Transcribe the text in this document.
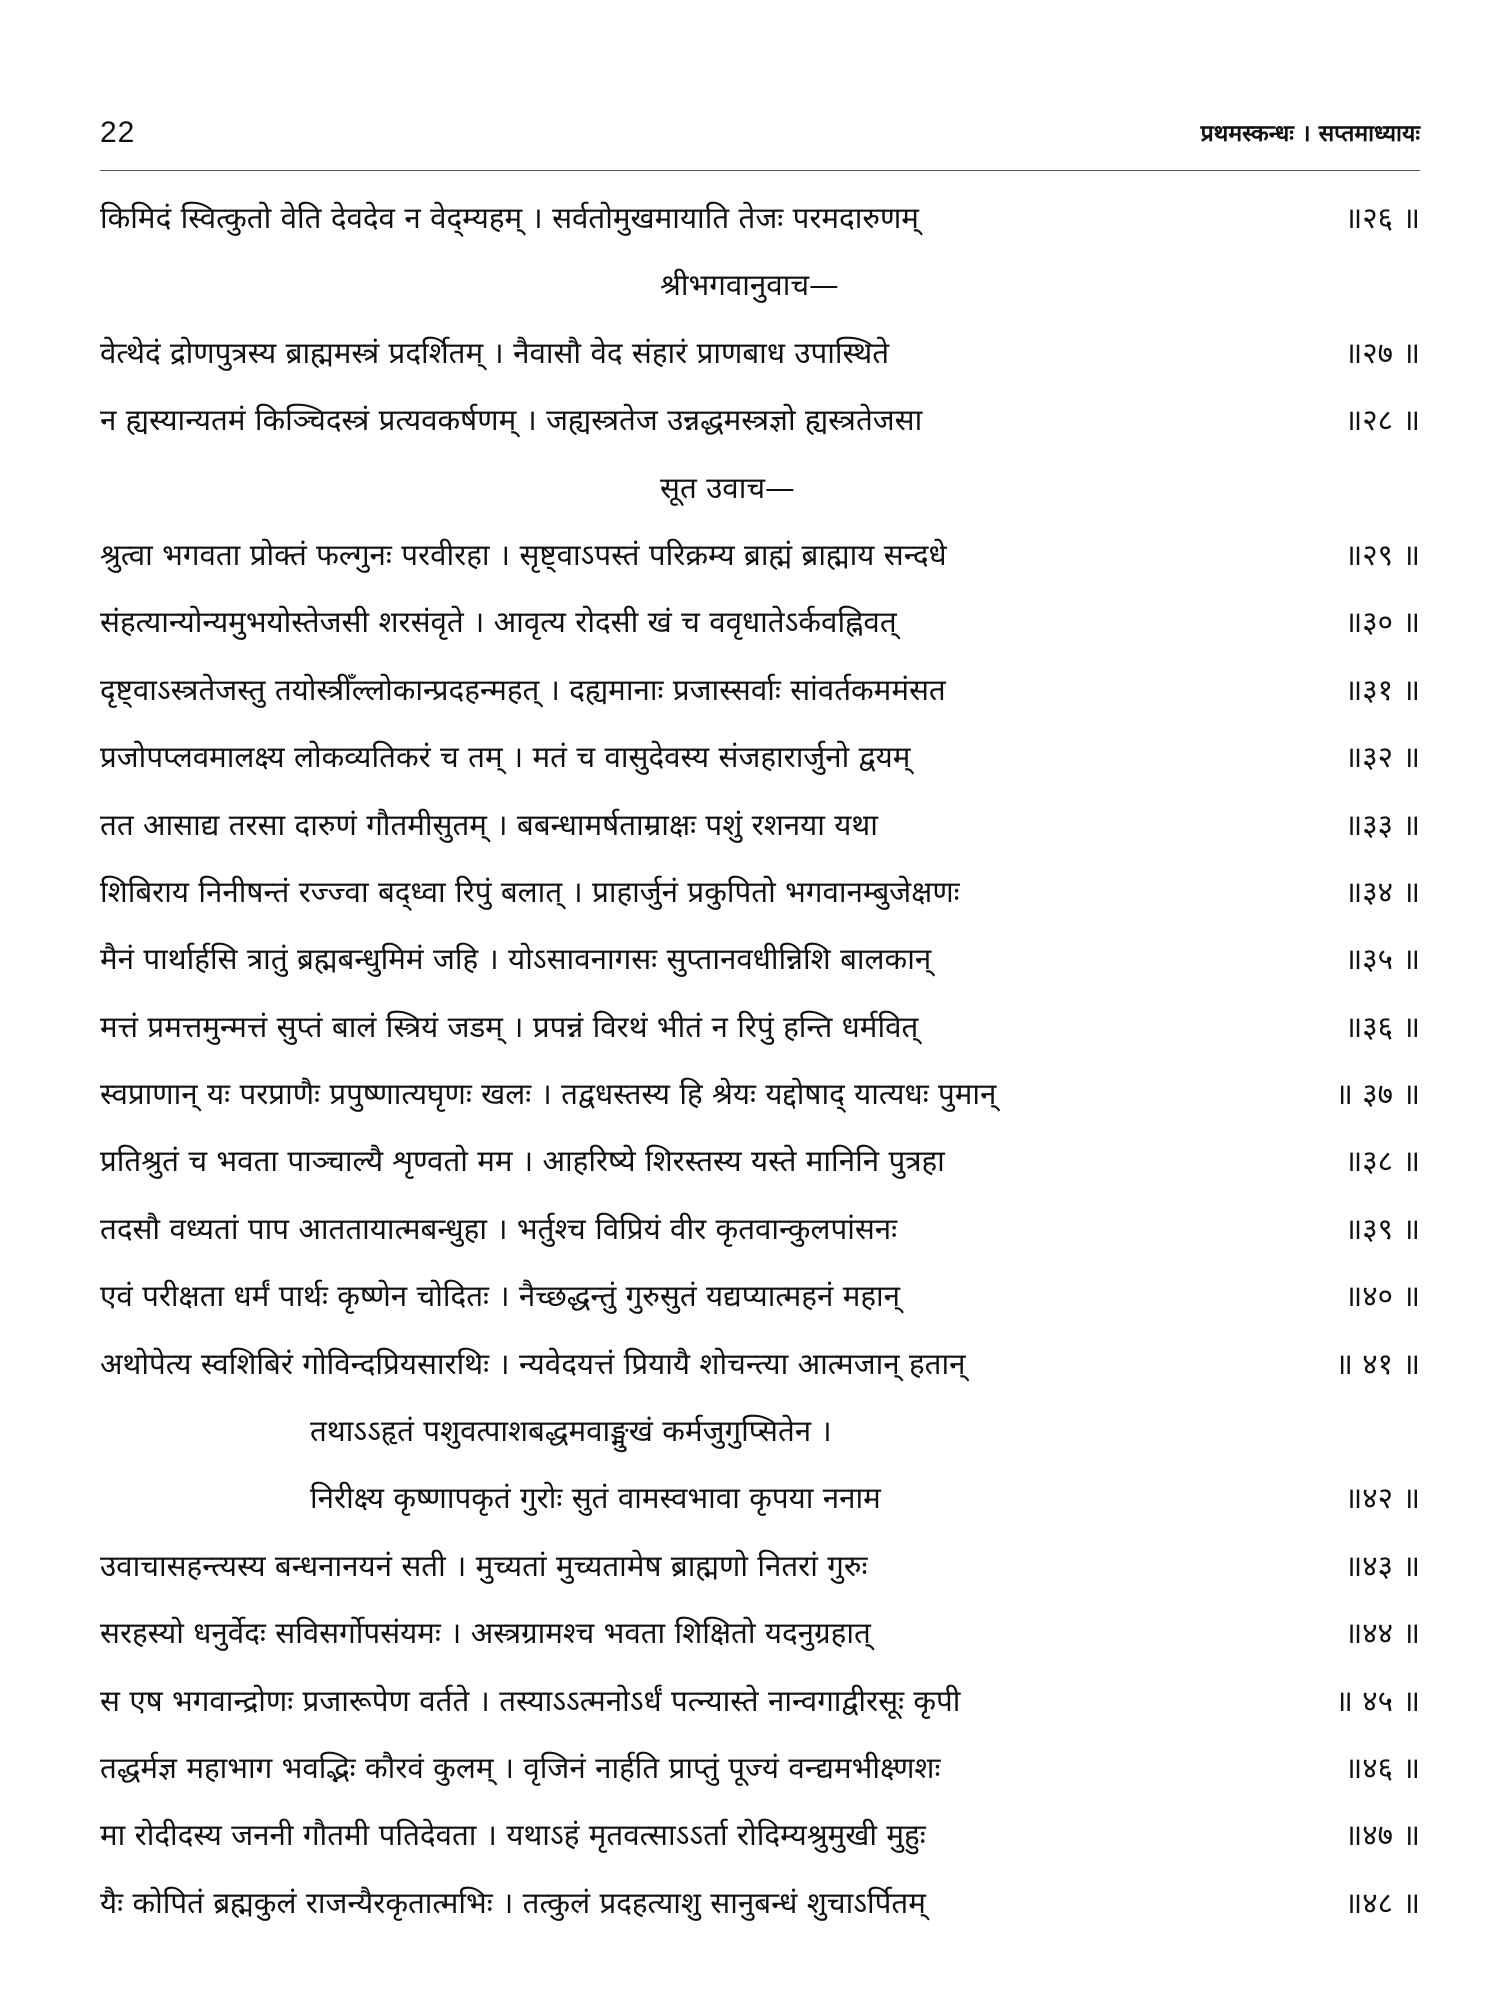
22	प्रथमस्कन्धः । सप्तमाध्यायः
किमिदं स्वित्कुतो वेति देवदेव न वेद्म्यहम् । सर्वतोमुखमायाति तेजः परमदारुणम्	॥२६ ॥
श्रीभगवानुवाच—
वेत्थेदं द्रोणपुत्रस्य ब्राह्ममस्त्रं प्रदर्शितम् । नैवासौ वेद संहारं प्राणबाध उपास्थिते	॥२७ ॥
न ह्यस्यान्यतमं किञ्चिदस्त्रं प्रत्यवकर्षणम् । जह्यस्त्रतेज उन्नद्धमस्त्रज्ञो ह्यस्त्रतेजसा	॥२८ ॥
सूत उवाच—
श्रुत्वा भगवता प्रोक्तं फल्गुनः परवीरहा । सृष्ट्वाऽपस्तं परिक्रम्य ब्राह्मं ब्राह्माय सन्दधे	॥२९ ॥
संहत्यान्योन्यमुभयोस्तेजसी शरसंवृते । आवृत्य रोदसी खं च ववृधातेऽर्कवह्निवत्	॥३० ॥
दृष्ट्वाऽस्त्रतेजस्तु तयोस्त्रीँल्लोकान्प्रदहन्महत् । दह्यमानाः प्रजास्सर्वाः सांवर्तकममंसत	॥३१ ॥
प्रजोपप्लवमालक्ष्य लोकव्यतिकरं च तम् । मतं च वासुदेवस्य संजहारार्जुनो द्वयम्	॥३२ ॥
तत आसाद्य तरसा दारुणं गौतमीसुतम् । बबन्धामर्षताम्राक्षः पशुं रशनया यथा	॥३३ ॥
शिबिराय निनीषन्तं रज्ज्वा बद्ध्वा रिपुं बलात् । प्राहार्जुनं प्रकुपितो भगवानम्बुजेक्षणः	॥३४ ॥
मैनं पार्थार्हसि त्रातुं ब्रह्मबन्धुमिमं जहि । योऽसावनागसः सुप्तानवधीन्निशि बालकान्	॥३५ ॥
मत्तं प्रमत्तमुन्मत्तं सुप्तं बालं स्त्रियं जडम् । प्रपन्नं विरथं भीतं न रिपुं हन्ति धर्मवित्	॥३६ ॥
स्वप्राणान् यः परप्राणैः प्रपुष्णात्यघृणः खलः । तद्वधस्तस्य हि श्रेयः यद्दोषाद् यात्यधः पुमान्	॥ ३७ ॥
प्रतिश्रुतं च भवता पाञ्चाल्यै शृण्वतो मम । आहरिष्ये शिरस्तस्य यस्ते मानिनि पुत्रहा	॥३८ ॥
तदसौ वध्यतां पाप आततायात्मबन्धुहा । भर्तुश्च विप्रियं वीर कृतवान्कुलपांसनः	॥३९ ॥
एवं परीक्षता धर्मं पार्थः कृष्णेन चोदितः । नैच्छद्धन्तुं गुरुसुतं यद्यप्यात्महनं महान्	॥४० ॥
अथोपेत्य स्वशिबिरं गोविन्दप्रियसारथिः । न्यवेदयत्तं प्रियायै शोचन्त्या आत्मजान् हतान्	॥ ४१ ॥
तथाऽऽहृतं पशुवत्पाशबद्धमवाङ्मुखं कर्मजुगुप्सितेन ।
निरीक्ष्य कृष्णापकृतं गुरोः सुतं वामस्वभावा कृपया ननाम	॥४२ ॥
उवाचासहन्त्यस्य बन्धनानयनं सती । मुच्यतां मुच्यतामेष ब्राह्मणो नितरां गुरुः	॥४३ ॥
सरहस्यो धनुर्वेदः सविसर्गोपसंयमः । अस्त्रग्रामश्च भवता शिक्षितो यदनुग्रहात्	॥४४ ॥
स एष भगवान्द्रोणः प्रजारूपेण वर्तते । तस्याऽऽत्मनोऽर्धं पत्न्यास्ते नान्वगाद्वीरसूः कृपी	॥ ४५ ॥
तद्धर्मज्ञ महाभाग भवद्भिः कौरवं कुलम् । वृजिनं नार्हति प्राप्तुं पूज्यं वन्द्यमभीक्ष्णशः	॥४६ ॥
मा रोदीदस्य जननी गौतमी पतिदेवता । यथाऽहं मृतवत्साऽऽर्ता रोदिम्यश्रुमुखी मुहुः	॥४७ ॥
यैः कोपितं ब्रह्मकुलं राजन्यैरकृतात्मभिः । तत्कुलं प्रदहत्याशु सानुबन्धं शुचाऽर्पितम्	॥४८ ॥
